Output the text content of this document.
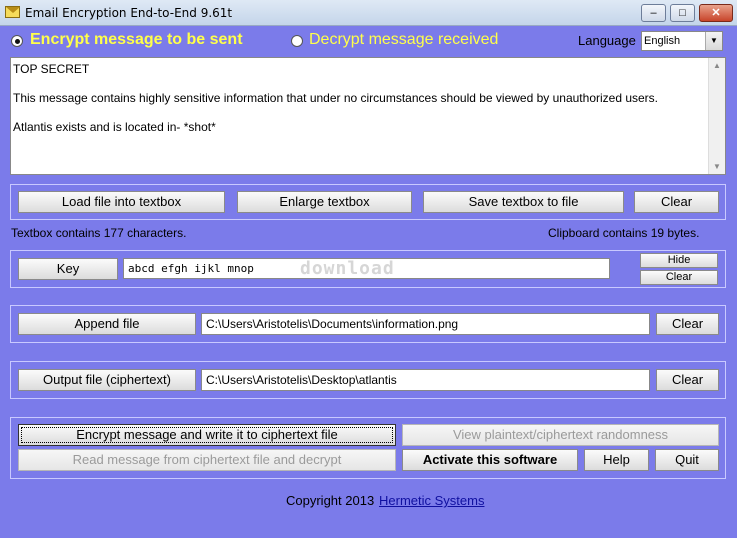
Email Encryption End-to-End 9.61t	–	□	✕
Encrypt message to be sent	Decrypt message received	Language English	▼

TOP SECRET

This message contains highly sensitive information that under no circumstances should be viewed by unauthorized users.

Atlantis exists and is located in- *shot*

▲
▼
Load file into textbox	Enlarge textbox	Save textbox to file	Clear
Textbox contains 177 characters.	Clipboard contains 19 bytes.
Key	abcd efgh ijkl mnop	download	Hide
Clear
Append file	C:\Users\Aristotelis\Documents\information.png	Clear
Output file (ciphertext)	C:\Users\Aristotelis\Desktop\atlantis	Clear
Encrypt message and write it to ciphertext file	View plaintext/ciphertext randomness
Read message from ciphertext file and decrypt	Activate this software	Help	Quit
Copyright 2013 Hermetic Systems
